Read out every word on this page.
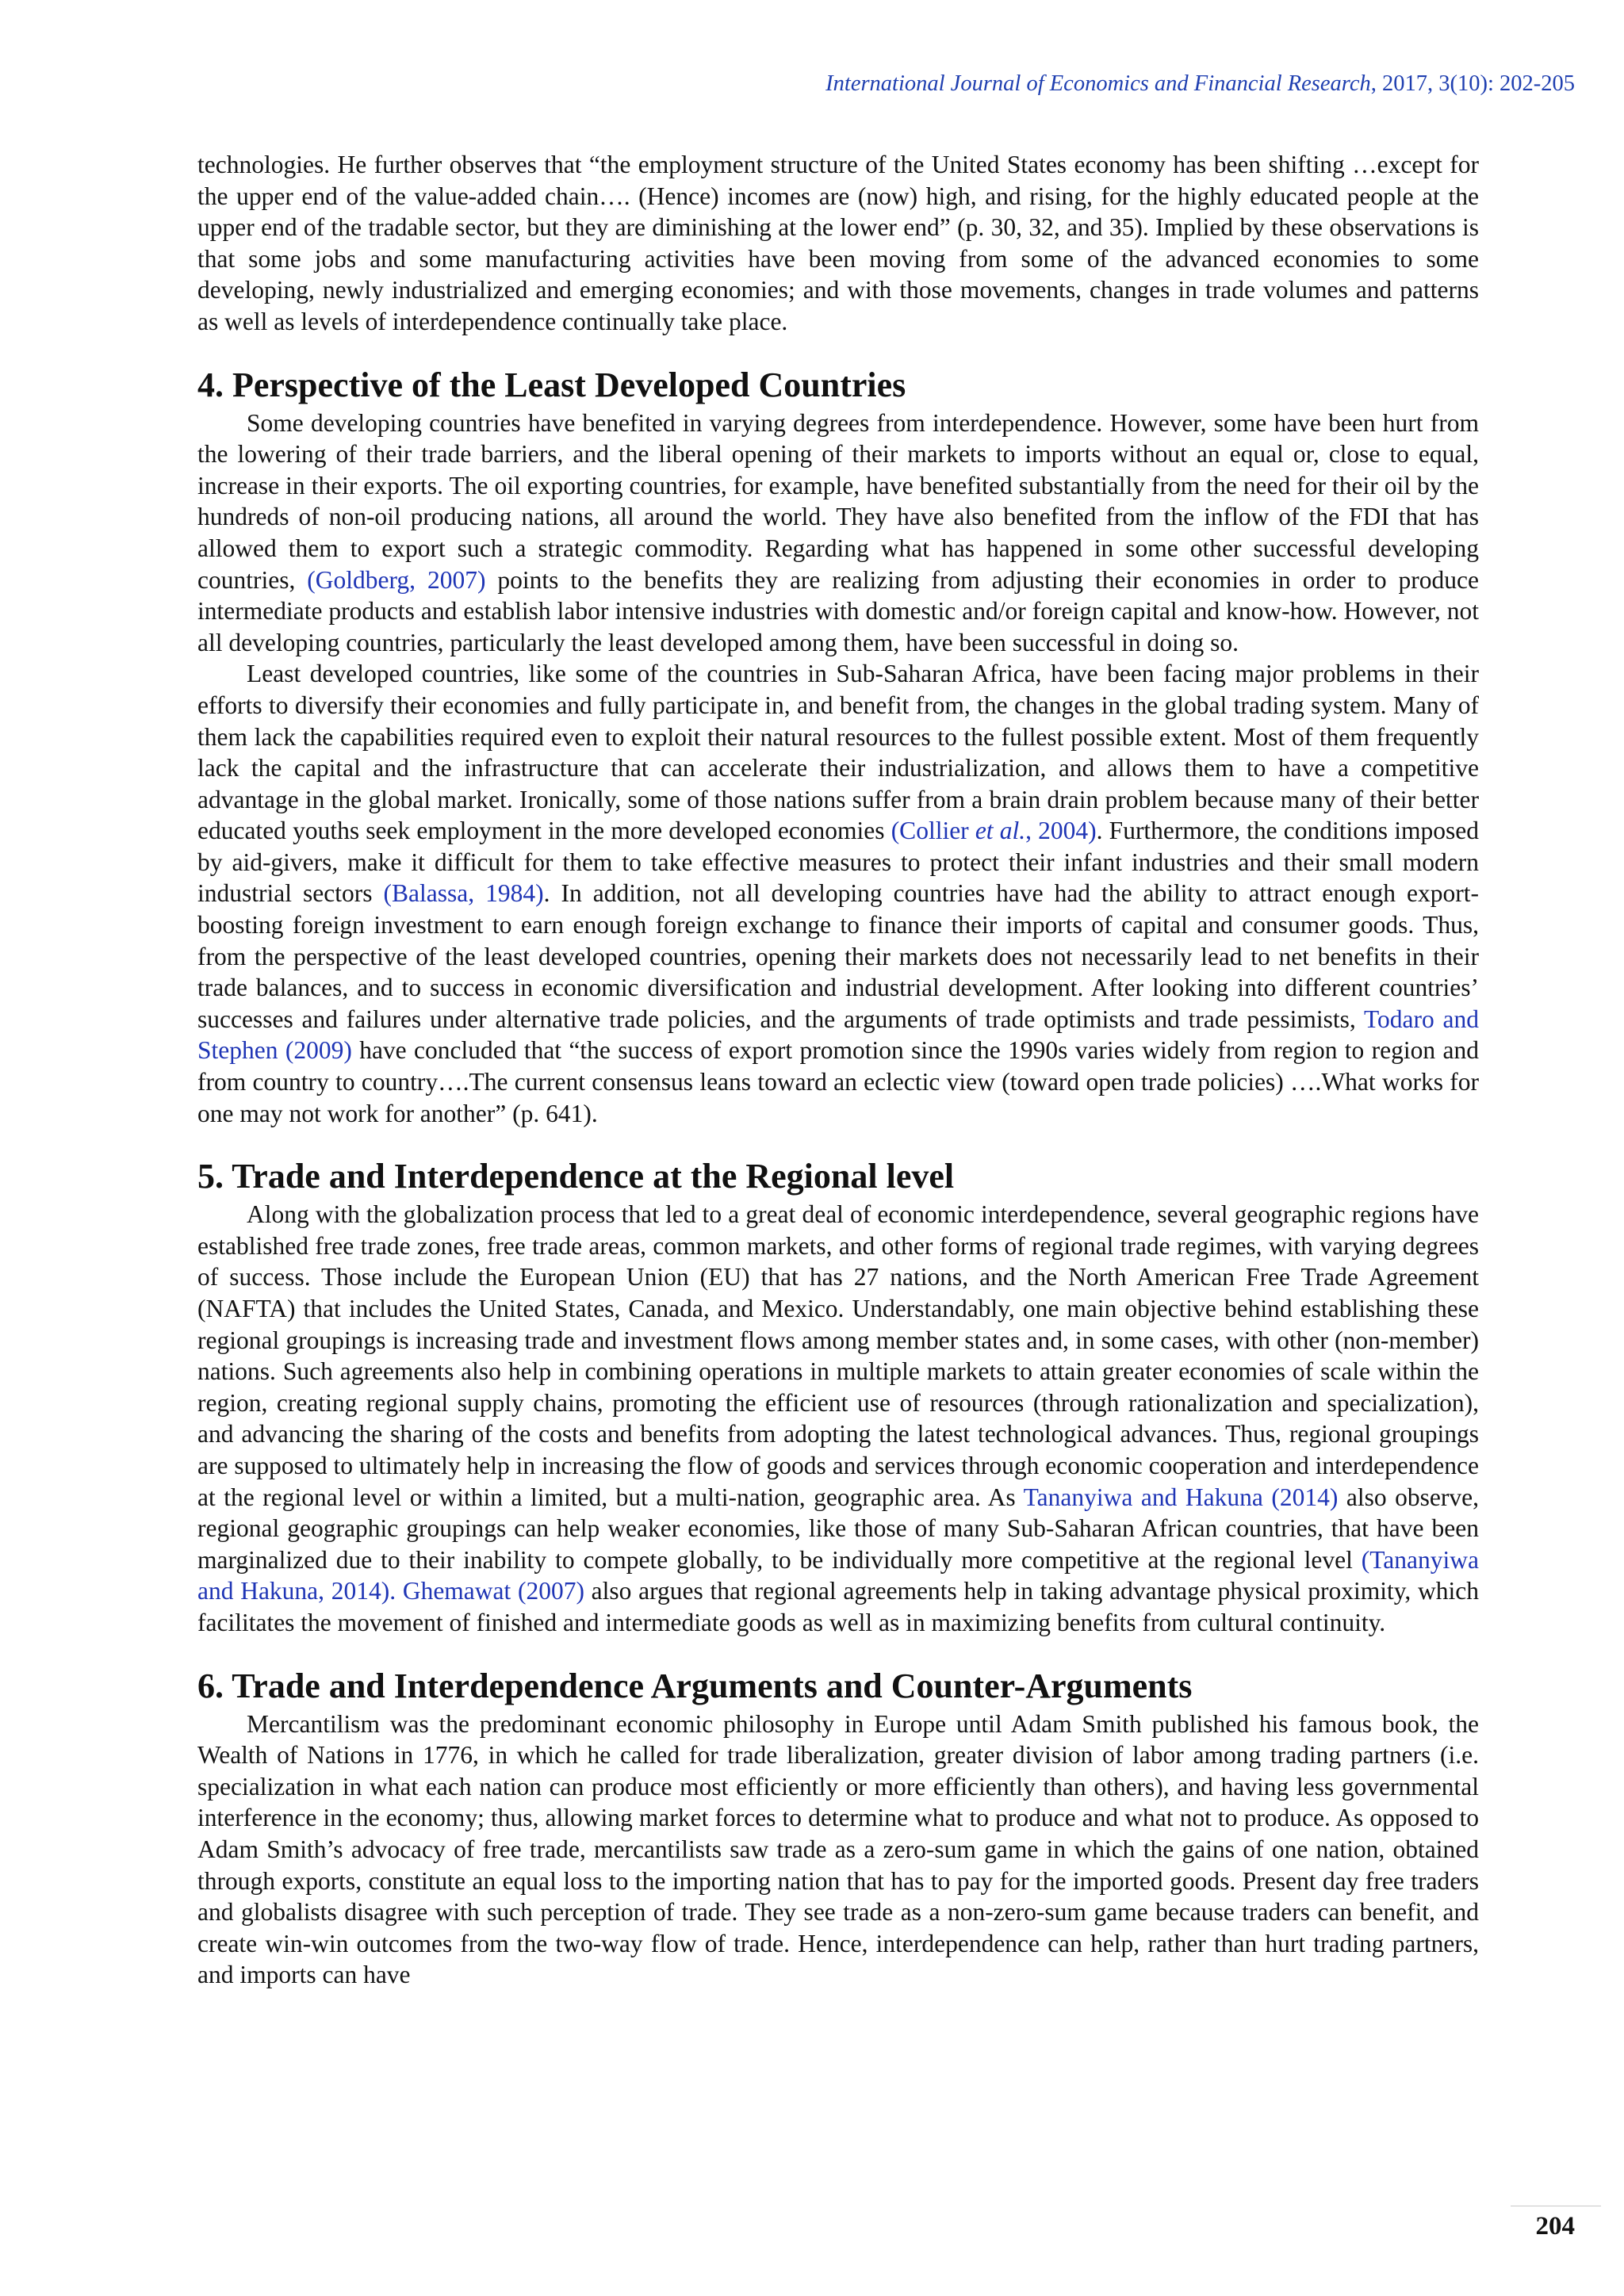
International Journal of Economics and Financial Research, 2017, 3(10): 202-205

technologies. He further observes that “the employment structure of the United States economy has been shifting …except for the upper end of the value-added chain…. (Hence) incomes are (now) high, and rising, for the highly educated people at the upper end of the tradable sector, but they are diminishing at the lower end” (p. 30, 32, and 35). Implied by these observations is that some jobs and some manufacturing activities have been moving from some of the advanced economies to some developing, newly industrialized and emerging economies; and with those movements, changes in trade volumes and patterns as well as levels of interdependence continually take place.

4. Perspective of the Least Developed Countries

Some developing countries have benefited in varying degrees from interdependence. However, some have been hurt from the lowering of their trade barriers, and the liberal opening of their markets to imports without an equal or, close to equal, increase in their exports. The oil exporting countries, for example, have benefited substantially from the need for their oil by the hundreds of non-oil producing nations, all around the world. They have also benefited from the inflow of the FDI that has allowed them to export such a strategic commodity. Regarding what has happened in some other successful developing countries, (Goldberg, 2007) points to the benefits they are realizing from adjusting their economies in order to produce intermediate products and establish labor intensive industries with domestic and/or foreign capital and know-how. However, not all developing countries, particularly the least developed among them, have been successful in doing so.

Least developed countries, like some of the countries in Sub-Saharan Africa, have been facing major problems in their efforts to diversify their economies and fully participate in, and benefit from, the changes in the global trading system. Many of them lack the capabilities required even to exploit their natural resources to the fullest possible extent. Most of them frequently lack the capital and the infrastructure that can accelerate their industrialization, and allows them to have a competitive advantage in the global market. Ironically, some of those nations suffer from a brain drain problem because many of their better educated youths seek employment in the more developed economies (Collier et al., 2004). Furthermore, the conditions imposed by aid-givers, make it difficult for them to take effective measures to protect their infant industries and their small modern industrial sectors (Balassa, 1984). In addition, not all developing countries have had the ability to attract enough export-boosting foreign investment to earn enough foreign exchange to finance their imports of capital and consumer goods. Thus, from the perspective of the least developed countries, opening their markets does not necessarily lead to net benefits in their trade balances, and to success in economic diversification and industrial development. After looking into different countries’ successes and failures under alternative trade policies, and the arguments of trade optimists and trade pessimists, Todaro and Stephen (2009) have concluded that “the success of export promotion since the 1990s varies widely from region to region and from country to country….The current consensus leans toward an eclectic view (toward open trade policies) ….What works for one may not work for another” (p. 641).

5. Trade and Interdependence at the Regional level

Along with the globalization process that led to a great deal of economic interdependence, several geographic regions have established free trade zones, free trade areas, common markets, and other forms of regional trade regimes, with varying degrees of success. Those include the European Union (EU) that has 27 nations, and the North American Free Trade Agreement (NAFTA) that includes the United States, Canada, and Mexico. Understandably, one main objective behind establishing these regional groupings is increasing trade and investment flows among member states and, in some cases, with other (non-member) nations. Such agreements also help in combining operations in multiple markets to attain greater economies of scale within the region, creating regional supply chains, promoting the efficient use of resources (through rationalization and specialization), and advancing the sharing of the costs and benefits from adopting the latest technological advances. Thus, regional groupings are supposed to ultimately help in increasing the flow of goods and services through economic cooperation and interdependence at the regional level or within a limited, but a multi-nation, geographic area. As Tananyiwa and Hakuna (2014) also observe, regional geographic groupings can help weaker economies, like those of many Sub-Saharan African countries, that have been marginalized due to their inability to compete globally, to be individually more competitive at the regional level (Tananyiwa and Hakuna, 2014). Ghemawat (2007) also argues that regional agreements help in taking advantage physical proximity, which facilitates the movement of finished and intermediate goods as well as in maximizing benefits from cultural continuity.

6. Trade and Interdependence Arguments and Counter-Arguments

Mercantilism was the predominant economic philosophy in Europe until Adam Smith published his famous book, the Wealth of Nations in 1776, in which he called for trade liberalization, greater division of labor among trading partners (i.e. specialization in what each nation can produce most efficiently or more efficiently than others), and having less governmental interference in the economy; thus, allowing market forces to determine what to produce and what not to produce. As opposed to Adam Smith’s advocacy of free trade, mercantilists saw trade as a zero-sum game in which the gains of one nation, obtained through exports, constitute an equal loss to the importing nation that has to pay for the imported goods. Present day free traders and globalists disagree with such perception of trade. They see trade as a non-zero-sum game because traders can benefit, and create win-win outcomes from the two-way flow of trade. Hence, interdependence can help, rather than hurt trading partners, and imports can have

204
